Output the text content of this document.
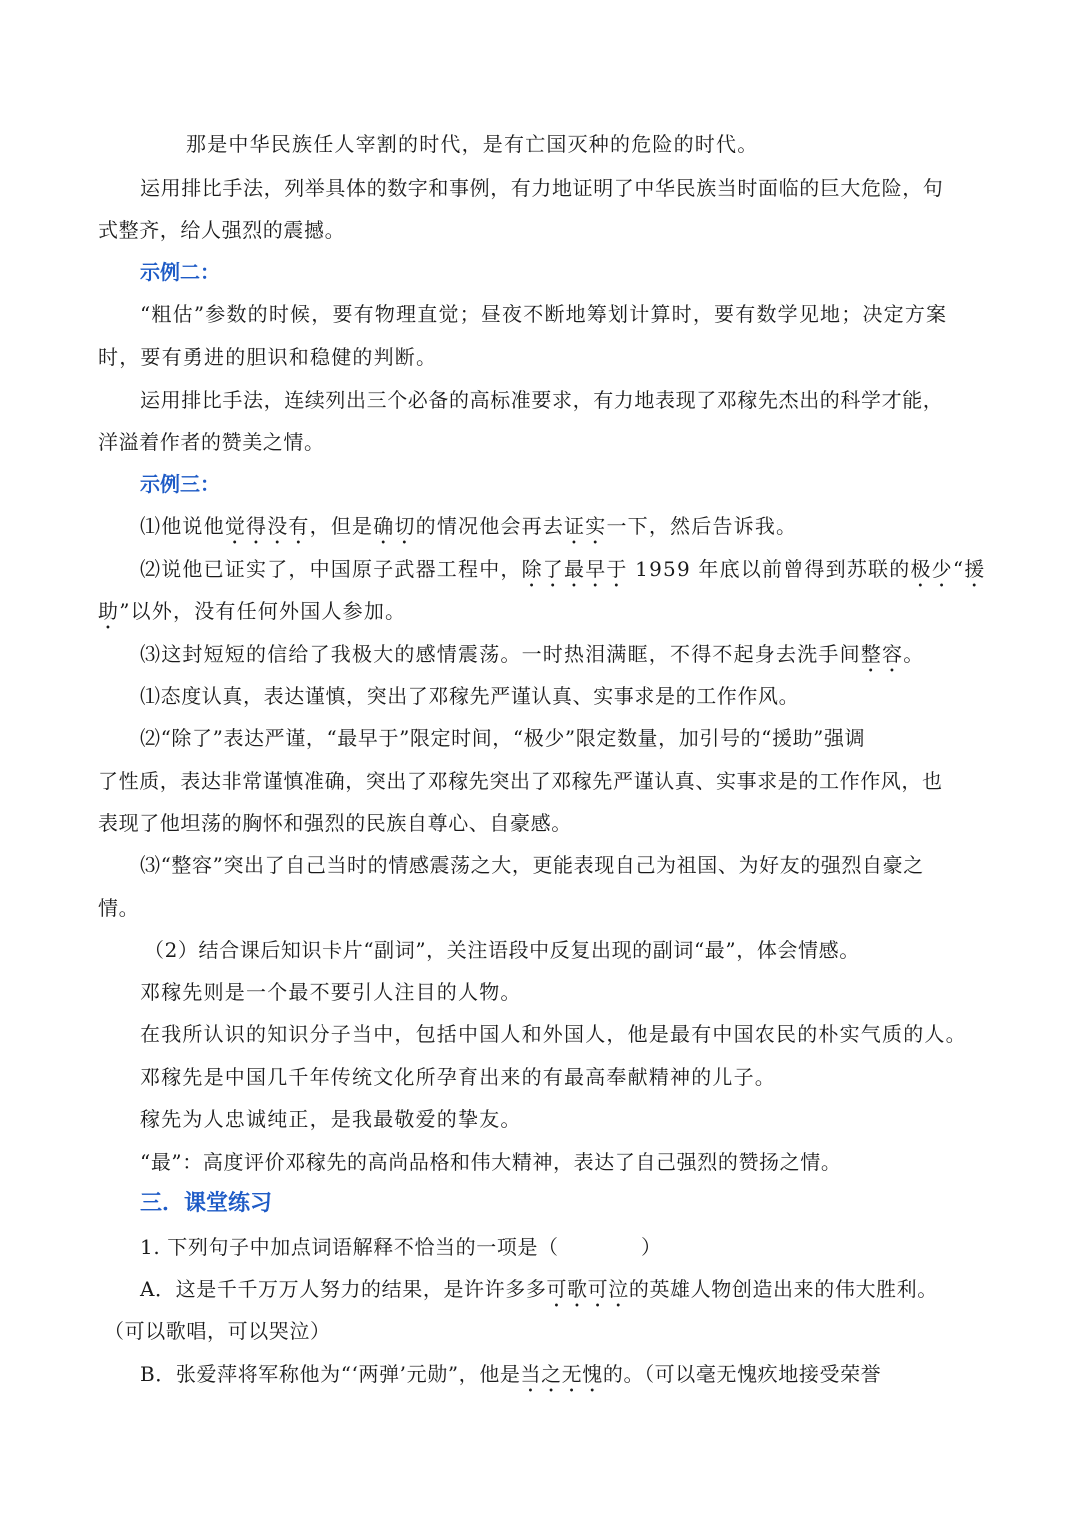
那是中华民族任人宰割的时代，是有亡国灭种的危险的时代。
运用排比手法，列举具体的数字和事例，有力地证明了中华民族当时面临的巨大危险，句
式整齐，给人强烈的震撼。
示例二：
“粗估”参数的时候，要有物理直觉；昼夜不断地筹划计算时，要有数学见地；决定方案
时，要有勇进的胆识和稳健的判断。
运用排比手法，连续列出三个必备的高标准要求，有力地表现了邓稼先杰出的科学才能，
洋溢着作者的赞美之情。
示例三：
⑴他说他觉得没有，但是确切的情况他会再去证实一下，然后告诉我。
⑵说他已证实了，中国原子武器工程中，除了最早于 1959 年底以前曾得到苏联的极少“援
助”以外，没有任何外国人参加。
⑶这封短短的信给了我极大的感情震荡。一时热泪满眶，不得不起身去洗手间整容。
⑴态度认真，表达谨慎，突出了邓稼先严谨认真、实事求是的工作作风。
⑵“除了”表达严谨，“最早于”限定时间，“极少”限定数量，加引号的“援助”强调
了性质，表达非常谨慎准确，突出了邓稼先突出了邓稼先严谨认真、实事求是的工作作风，也
表现了他坦荡的胸怀和强烈的民族自尊心、自豪感。
⑶“整容”突出了自己当时的情感震荡之大，更能表现自己为祖国、为好友的强烈自豪之
情。
（2）结合课后知识卡片“副词”，关注语段中反复出现的副词“最”，体会情感。
邓稼先则是一个最不要引人注目的人物。
在我所认识的知识分子当中，包括中国人和外国人，他是最有中国农民的朴实气质的人。
邓稼先是中国几千年传统文化所孕育出来的有最高奉献精神的儿子。
稼先为人忠诚纯正，是我最敬爱的挚友。
“最”：高度评价邓稼先的高尚品格和伟大精神，表达了自己强烈的赞扬之情。
三．课堂练习
1. 下列句子中加点词语解释不恰当的一项是（　　　　）
A．这是千千万万人努力的结果，是许许多多可歌可泣的英雄人物创造出来的伟大胜利。
（可以歌唱，可以哭泣）
B．张爱萍将军称他为“‘两弹’元勋”，他是当之无愧的。（可以毫无愧疚地接受荣誉
